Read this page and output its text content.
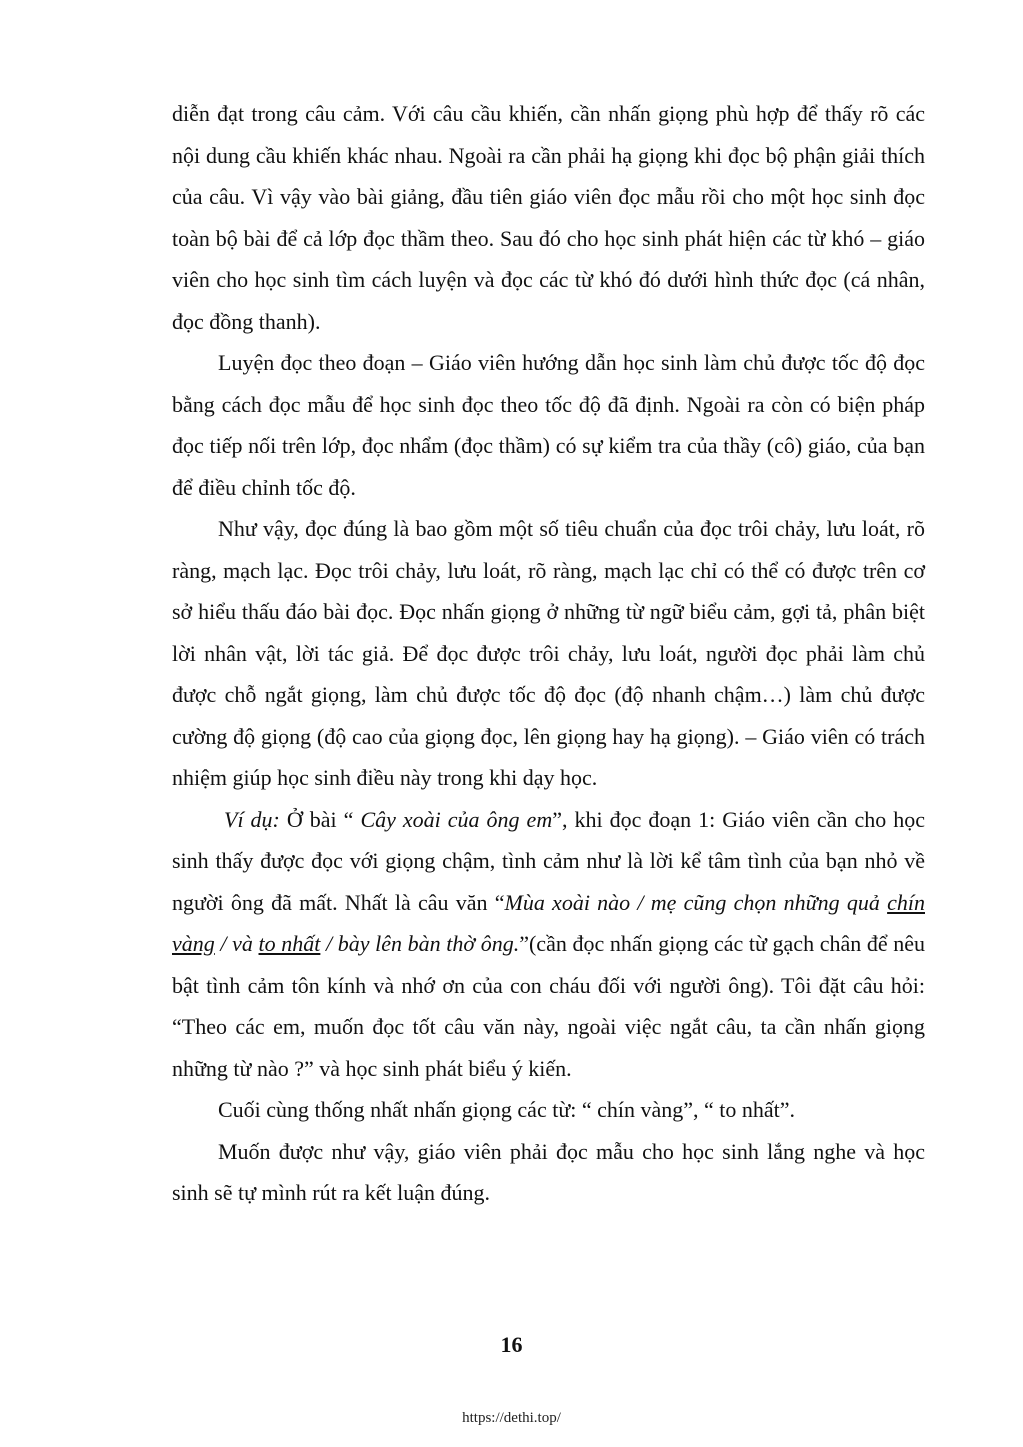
diễn đạt trong câu cảm. Với câu cầu khiến, cần nhấn giọng phù hợp để thấy rõ các nội dung cầu khiến khác nhau. Ngoài ra cần phải hạ giọng khi đọc bộ phận giải thích của câu. Vì vậy vào bài giảng, đầu tiên giáo viên đọc mẫu rồi cho một học sinh đọc toàn bộ bài để cả lớp đọc thầm theo. Sau đó cho học sinh phát hiện các từ khó – giáo viên cho học sinh tìm cách luyện và đọc các từ khó đó dưới hình thức đọc (cá nhân, đọc đồng thanh).

Luyện đọc theo đoạn – Giáo viên hướng dẫn học sinh làm chủ được tốc độ đọc bằng cách đọc mẫu để học sinh đọc theo tốc độ đã định. Ngoài ra còn có biện pháp đọc tiếp nối trên lớp, đọc nhẩm (đọc thầm) có sự kiểm tra của thầy (cô) giáo, của bạn để điều chỉnh tốc độ.

Như vậy, đọc đúng là bao gồm một số tiêu chuẩn của đọc trôi chảy, lưu loát, rõ ràng, mạch lạc. Đọc trôi chảy, lưu loát, rõ ràng, mạch lạc chỉ có thể có được trên cơ sở hiểu thấu đáo bài đọc. Đọc nhấn giọng ở những từ ngữ biểu cảm, gợi tả, phân biệt lời nhân vật, lời tác giả. Để đọc được trôi chảy, lưu loát, người đọc phải làm chủ được chỗ ngắt giọng, làm chủ được tốc độ đọc (độ nhanh chậm…) làm chủ được cường độ giọng (độ cao của giọng đọc, lên giọng hay hạ giọng). – Giáo viên có trách nhiệm giúp học sinh điều này trong khi dạy học.

Ví dụ: Ở bài “ Cây xoài của ông em”, khi đọc đoạn 1: Giáo viên cần cho học sinh thấy được đọc với giọng chậm, tình cảm như là lời kể tâm tình của bạn nhỏ về người ông đã mất. Nhất là câu văn “Mùa xoài nào / mẹ cũng chọn những quả chín vàng / và to nhất / bày lên bàn thờ ông.”(cần đọc nhấn giọng các từ gạch chân để nêu bật tình cảm tôn kính và nhớ ơn của con cháu đối với người ông). Tôi đặt câu hỏi: “Theo các em, muốn đọc tốt câu văn này, ngoài việc ngắt câu, ta cần nhấn giọng những từ nào ?” và học sinh phát biểu ý kiến.

Cuối cùng thống nhất nhấn giọng các từ: “ chín vàng”, “ to nhất”.

Muốn được như vậy, giáo viên phải đọc mẫu cho học sinh lắng nghe và học sinh sẽ tự mình rút ra kết luận đúng.

16
https://dethi.top/
